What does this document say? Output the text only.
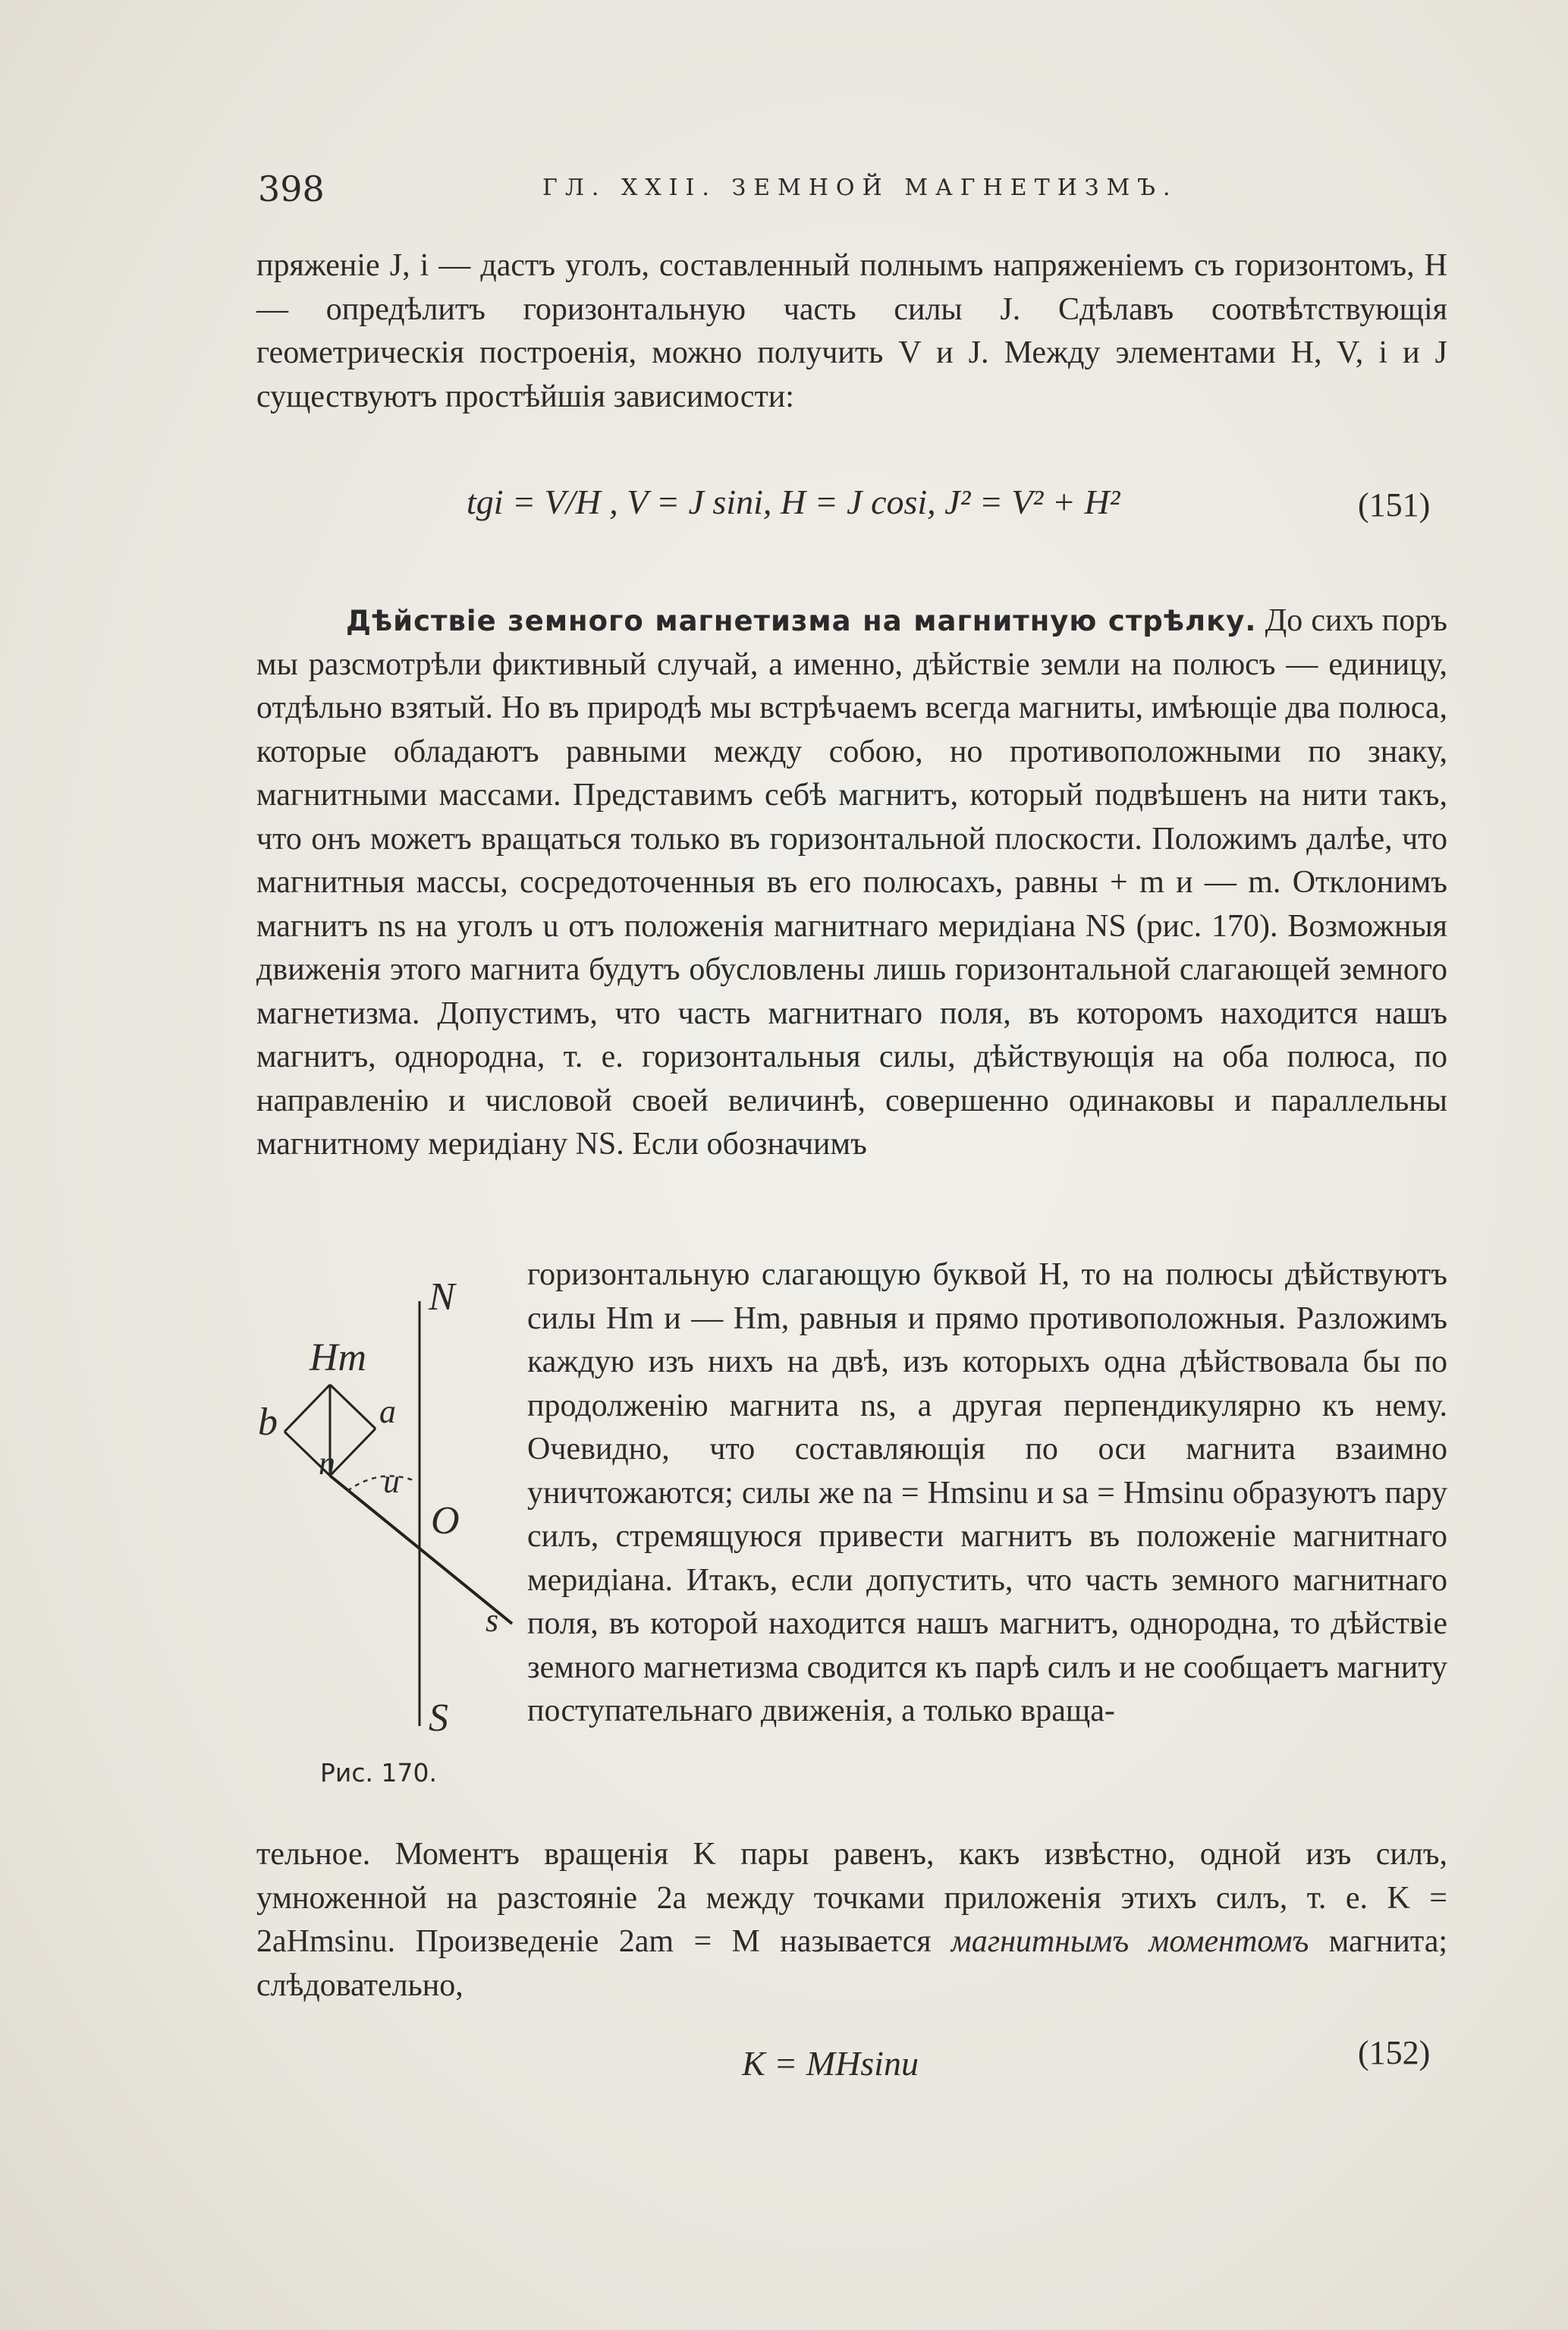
398	ГЛ. XXII. ЗЕМНОЙ МАГНЕТИЗМЪ.

пряженіе J, i — дастъ уголъ, составленный полнымъ напряженіемъ съ горизонтомъ, H — опредѣлитъ горизонтальную часть силы J. Сдѣлавъ соотвѣтствующія геометрическія построенія, можно получить V и J. Между элементами H, V, i и J существуютъ простѣйшія зависимости:

tgi = V/H , V = J sini, H = J cosi, J² = V² + H²	(151)

Дѣйствіе земного магнетизма на магнитную стрѣлку. До сихъ поръ мы разсмотрѣли фиктивный случай, а именно, дѣйствіе земли на полюсъ — единицу, отдѣльно взятый. Но въ природѣ мы встрѣчаемъ всегда магниты, имѣющіе два полюса, которые обладаютъ равными между собою, но противоположными по знаку, магнитными массами. Представимъ себѣ магнитъ, который подвѣшенъ на нити такъ, что онъ можетъ вращаться только въ горизонтальной плоскости. Положимъ далѣе, что магнитныя массы, сосредоточенныя въ его полюсахъ, равны + m и — m. Отклонимъ магнитъ ns на уголъ u отъ положенія магнитнаго меридіана NS (рис. 170). Возможныя движенія этого магнита будутъ обусловлены лишь горизонтальной слагающей земного магнетизма. Допустимъ, что часть магнитнаго поля, въ которомъ находится нашъ магнитъ, однородна, т. е. горизонтальныя силы, дѣйствующія на оба полюса, по направленію и числовой своей величинѣ, совершенно одинаковы и параллельны магнитному меридіану NS. Если обозначимъ

N
Hm
b	a
n u
O
s
S
Рис. 170.

горизонтальную слагающую буквой H, то на полюсы дѣйствуютъ силы Hm и — Hm, равныя и прямо противоположныя. Разложимъ каждую изъ нихъ на двѣ, изъ которыхъ одна дѣйствовала бы по продолженію магнита ns, а другая перпендикулярно къ нему. Очевидно, что составляющія по оси магнита взаимно уничтожаются; силы же na = Hmsinu и sa = Hmsinu образуютъ пару силъ, стремящуюся привести магнитъ въ положеніе магнитнаго меридіана. Итакъ, если допустить, что часть земного магнитнаго поля, въ которой находится нашъ магнитъ, однородна, то дѣйствіе земного магнетизма сводится къ парѣ силъ и не сообщаетъ магниту поступательнаго движенія, а только враща-

тельное. Моментъ вращенія K пары равенъ, какъ извѣстно, одной изъ силъ, умноженной на разстояніе 2a между точками приложенія этихъ силъ, т. е. K = 2aHmsinu. Произведеніе 2am = M называется магнитнымъ моментомъ магнита; слѣдовательно,

K = MHsinu	(152)
